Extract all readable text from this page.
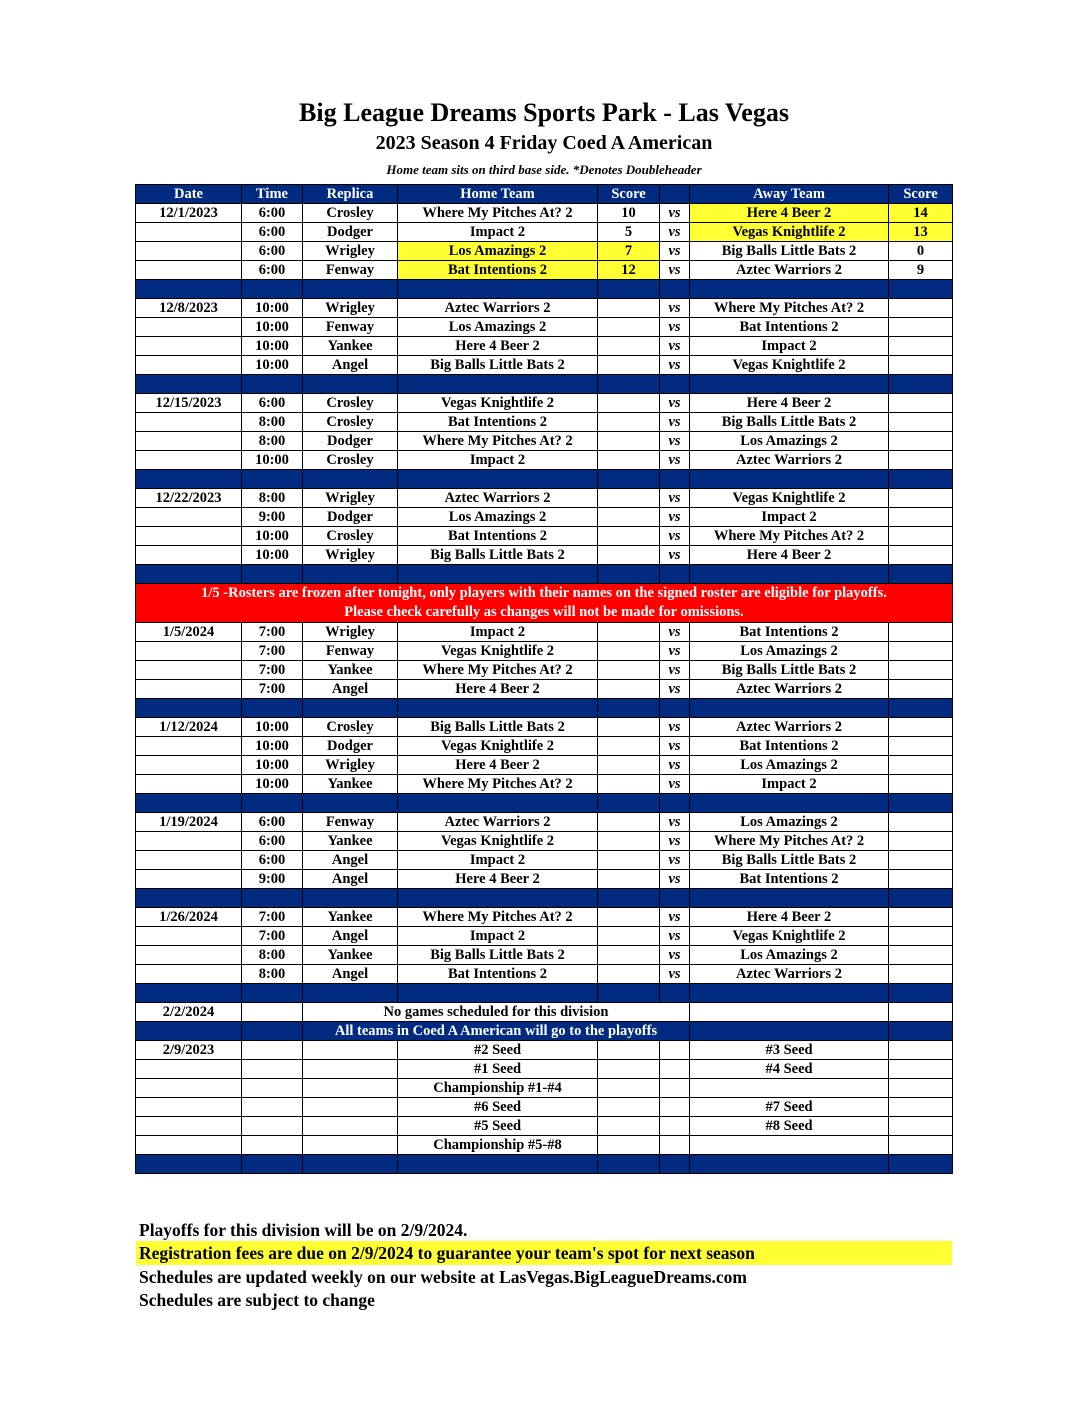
Big League Dreams Sports Park - Las Vegas
2023 Season 4 Friday Coed A American
Home team sits on third base side. *Denotes Doubleheader
Date	Time	Replica	Home Team	Score		Away Team	Score
12/1/2023	6:00	Crosley	Where My Pitches At? 2	10	vs	Here 4 Beer 2	14
	6:00	Dodger	Impact 2	5	vs	Vegas Knightlife 2	13
	6:00	Wrigley	Los Amazings 2	7	vs	Big Balls Little Bats 2	0
	6:00	Fenway	Bat Intentions 2	12	vs	Aztec Warriors 2	9

12/8/2023	10:00	Wrigley	Aztec Warriors 2		vs	Where My Pitches At? 2	
	10:00	Fenway	Los Amazings 2		vs	Bat Intentions 2	
	10:00	Yankee	Here 4 Beer 2		vs	Impact 2	
	10:00	Angel	Big Balls Little Bats 2		vs	Vegas Knightlife 2	

12/15/2023	6:00	Crosley	Vegas Knightlife 2		vs	Here 4 Beer 2	
	8:00	Crosley	Bat Intentions 2		vs	Big Balls Little Bats 2	
	8:00	Dodger	Where My Pitches At? 2		vs	Los Amazings 2	
	10:00	Crosley	Impact 2		vs	Aztec Warriors 2	

12/22/2023	8:00	Wrigley	Aztec Warriors 2		vs	Vegas Knightlife 2	
	9:00	Dodger	Los Amazings 2		vs	Impact 2	
	10:00	Crosley	Bat Intentions 2		vs	Where My Pitches At? 2	
	10:00	Wrigley	Big Balls Little Bats 2		vs	Here 4 Beer 2	

1/5 -Rosters are frozen after tonight, only players with their names on the signed roster are eligible for playoffs.
Please check carefully as changes will not be made for omissions.							

1/5/2024	7:00	Wrigley	Impact 2		vs	Bat Intentions 2	
	7:00	Fenway	Vegas Knightlife 2		vs	Los Amazings 2	
	7:00	Yankee	Where My Pitches At? 2		vs	Big Balls Little Bats 2	
	7:00	Angel	Here 4 Beer 2		vs	Aztec Warriors 2	

1/12/2024	10:00	Crosley	Big Balls Little Bats 2		vs	Aztec Warriors 2	
	10:00	Dodger	Vegas Knightlife 2		vs	Bat Intentions 2	
	10:00	Wrigley	Here 4 Beer 2		vs	Los Amazings 2	
	10:00	Yankee	Where My Pitches At? 2		vs	Impact 2	

1/19/2024	6:00	Fenway	Aztec Warriors 2		vs	Los Amazings 2	
	6:00	Yankee	Vegas Knightlife 2		vs	Where My Pitches At? 2	
	6:00	Angel	Impact 2		vs	Big Balls Little Bats 2	
	9:00	Angel	Here 4 Beer 2		vs	Bat Intentions 2	

1/26/2024	7:00	Yankee	Where My Pitches At? 2		vs	Here 4 Beer 2	
	7:00	Angel	Impact 2		vs	Vegas Knightlife 2	
	8:00	Yankee	Big Balls Little Bats 2		vs	Los Amazings 2	
	8:00	Angel	Bat Intentions 2		vs	Aztec Warriors 2	

2/2/2024		No games scheduled for this division					
		All teams in Coed A American will go to the playoffs					
2/9/2023			#2 Seed			#3 Seed	
			#1 Seed			#4 Seed	
			Championship #1-#4				
			#6 Seed			#7 Seed	
			#5 Seed			#8 Seed	
			Championship #5-#8				

Playoffs for this division will be on 2/9/2024.
Registration fees are due on 2/9/2024 to guarantee your team's spot for next season
Schedules are updated weekly on our website at LasVegas.BigLeagueDreams.com
Schedules are subject to change
